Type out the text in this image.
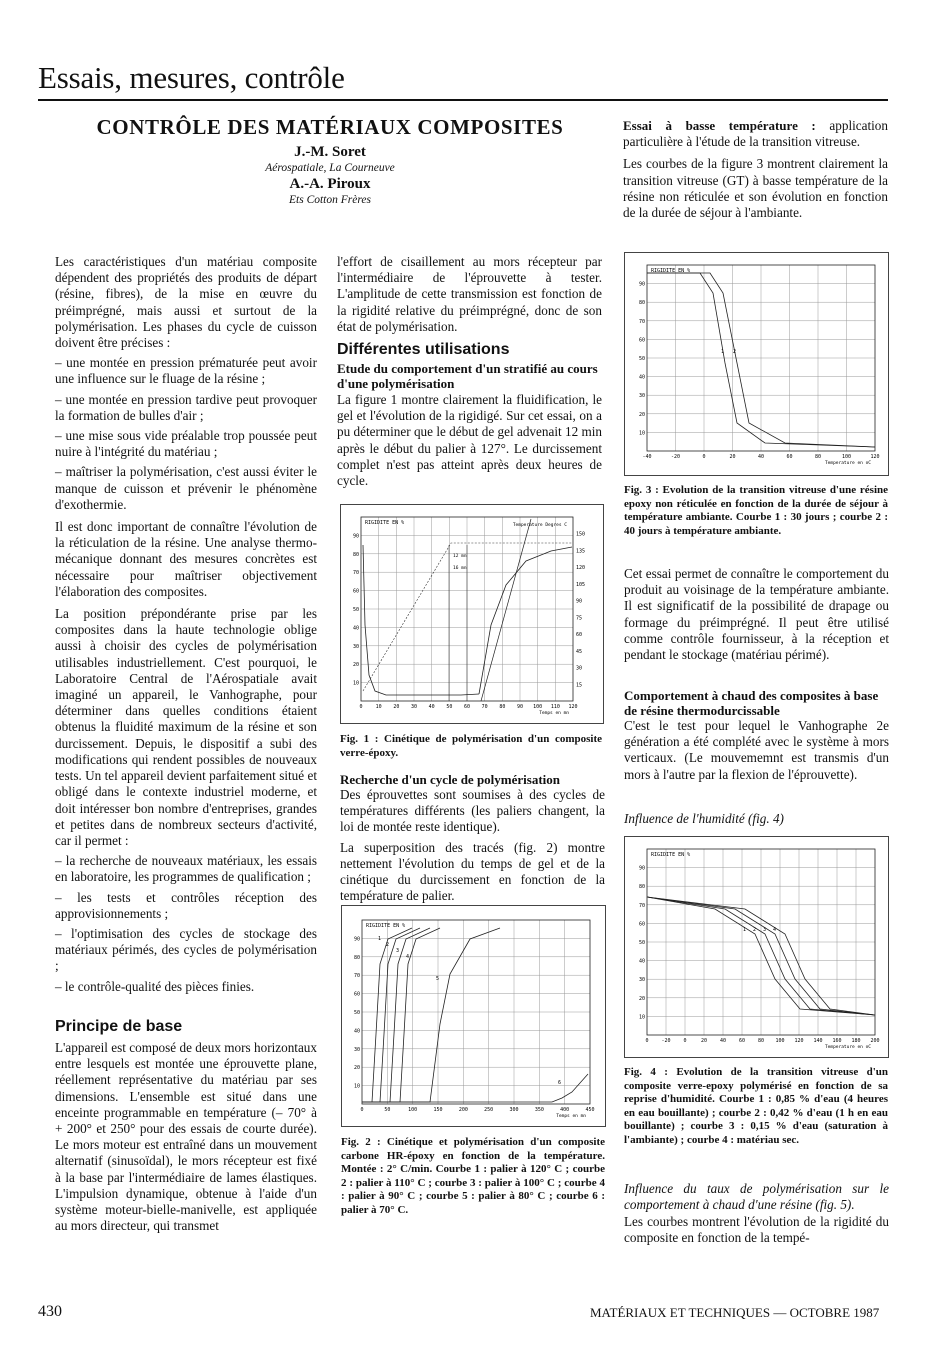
Essais, mesures, contrôle
CONTRÔLE DES MATÉRIAUX COMPOSITES
J.-M. Soret
Aérospatiale, La Courneuve
A.-A. Piroux
Ets Cotton Frères

Les caractéristiques d'un matériau composite dépendent des propriétés des produits de départ (résine, fibres), de la mise en œuvre du préimprégné, mais aussi et surtout de la polymérisation. Les phases du cycle de cuisson doivent être précises :

– une montée en pression prématurée peut avoir une influence sur le fluage de la résine ;

– une montée en pression tardive peut provoquer la formation de bulles d'air ;

– une mise sous vide préalable trop poussée peut nuire à l'intégrité du matériau ;

– maîtriser la polymérisation, c'est aussi éviter le manque de cuisson et prévenir le phénomène d'exothermie.

Il est donc important de connaître l'évolution de la réticulation de la résine. Une analyse thermo-mécanique donnant des mesures concrètes est nécessaire pour maîtriser objectivement l'élaboration des composites.

La position prépondérante prise par les composites dans la haute technologie oblige aussi à choisir des cycles de polymérisation utilisables industriellement. C'est pourquoi, le Laboratoire Central de l'Aérospatiale avait imaginé un appareil, le Vanhographe, pour déterminer dans quelles conditions étaient obtenus la fluidité maximum de la résine et son durcissement. Depuis, le dispositif a subi des modifications qui rendent possibles de nouveaux tests. Un tel appareil devient parfaitement situé et obligé dans le contexte industriel moderne, et doit intéresser bon nombre d'entreprises, grandes et petites dans de nombreux secteurs d'activité, car il permet :

– la recherche de nouveaux matériaux, les essais en laboratoire, les programmes de qualification ;

– les tests et contrôles réception des approvisionnements ;

– l'optimisation des cycles de stockage des matériaux périmés, des cycles de polymérisation ;

– le contrôle-qualité des pièces finies.

Principe de base

L'appareil est composé de deux mors horizontaux entre lesquels est montée une éprouvette plane, réellement représentative du matériau par ses dimensions. L'ensemble est situé dans une enceinte programmable en température (– 70° à + 200° et 250° pour des essais de courte durée). Le mors moteur est entraîné dans un mouvement alternatif (sinusoïdal), le mors récepteur est fixé à la base par l'intermédiaire de lames élastiques. L'impulsion dynamique, obtenue à l'aide d'un système moteur-bielle-manivelle, est appliquée au mors directeur, qui transmet

l'effort de cisaillement au mors récepteur par l'intermédiaire de l'éprouvette à tester. L'amplitude de cette transmission est fonction de la rigidité relative du préimprégné, donc de son état de polymérisation.

Différentes utilisations
Etude du comportement d'un stratifié au cours d'une polymérisation

La figure 1 montre clairement la fluidification, le gel et l'évolution de la rigidigé. Sur cet essai, on a pu déterminer que le début de gel advenait 12 min après le début du palier à 127°. Le durcissement complet n'est pas atteint après deux heures de cycle.

10
20
30
40
50
60
70
80
90
0	10 20 30 40 50 60 70 80 90 100 110 120
RIGIDITE EN %
Temps en mn
15
30
45
60
75
90
105
120
135
150
Temperature Degres C
12 mn
16 mn
Fig. 1 : Cinétique de polymérisation d'un composite verre-époxy.
Recherche d'un cycle de polymérisation

Des éprouvettes sont soumises à des cycles de températures différents (les paliers changent, la loi de montée reste identique).

La superposition des tracés (fig. 2) montre nettement l'évolution du temps de gel et de la cinétique du durcissement en fonction de la température de palier.

10
20
30
40
50
60
70
80
90
0	50	100	150	200	250	300	350	400	450
RIGIDITE EN %
Temps en mn
1
2
3
4
5
6
Fig. 2 : Cinétique et polymérisation d'un composite carbone HR-époxy en fonction de la température. Montée : 2° C/min. Courbe 1 : palier à 120° C ; courbe 2 : palier à 110° C ; courbe 3 : palier à 100° C ; courbe 4 : palier à 90° C ; courbe 5 : palier à 80° C ; courbe 6 : palier à 70° C.

Essai à basse température : application particulière à l'étude de la transition vitreuse.

Les courbes de la figure 3 montrent clairement la transition vitreuse (GT) à basse température de la résine non réticulée et son évolution en fonction de la durée de séjour à l'ambiante.

10
20
30
40
50
60
70
80
90
-40	-20	0	20	40	60	80	100	120
RIGIDITE EN %
Temperature en oC
1 2
Fig. 3 : Evolution de la transition vitreuse d'une résine epoxy non réticulée en fonction de la durée de séjour à température ambiante. Courbe 1 : 30 jours ; courbe 2 : 40 jours à température ambiante.

Cet essai permet de connaître le comportement du produit au voisinage de la température ambiante. Il est significatif de la possibilité de drapage ou formage du préimprégné. Il peut être utilisé comme contrôle fournisseur, à la réception et pendant le stockage (matériau périmé).

Comportement à chaud des composites à base de résine thermodurcissable

C'est le test pour lequel le Vanhographe 2e génération a été complété avec le système à mors verticaux. (Le mouvememnt est transmis d'un mors à l'autre par la flexion de l'éprouvette).

Influence de l'humidité (fig. 4)
10
20
30
40
50
60
70
80
90
0	-20	0	20	40	60	80 100 120 140 160 180 200
RIGIDITE EN %
Temperature en oC
1 2 3 4
Fig. 4 : Evolution de la transition vitreuse d'un composite verre-epoxy polymérisé en fonction de sa reprise d'humidité. Courbe 1 : 0,85 % d'eau (4 heures en eau bouillante) ; courbe 2 : 0,42 % d'eau (1 h en eau bouillante) ; courbe 3 : 0,15 % d'eau (saturation à l'ambiante) ; courbe 4 : matériau sec.
Influence du taux de polymérisation sur le comportement à chaud d'une résine (fig. 5).

Les courbes montrent l'évolution de la rigidité du composite en fonction de la tempé-

430	MATÉRIAUX ET TECHNIQUES — OCTOBRE 1987
